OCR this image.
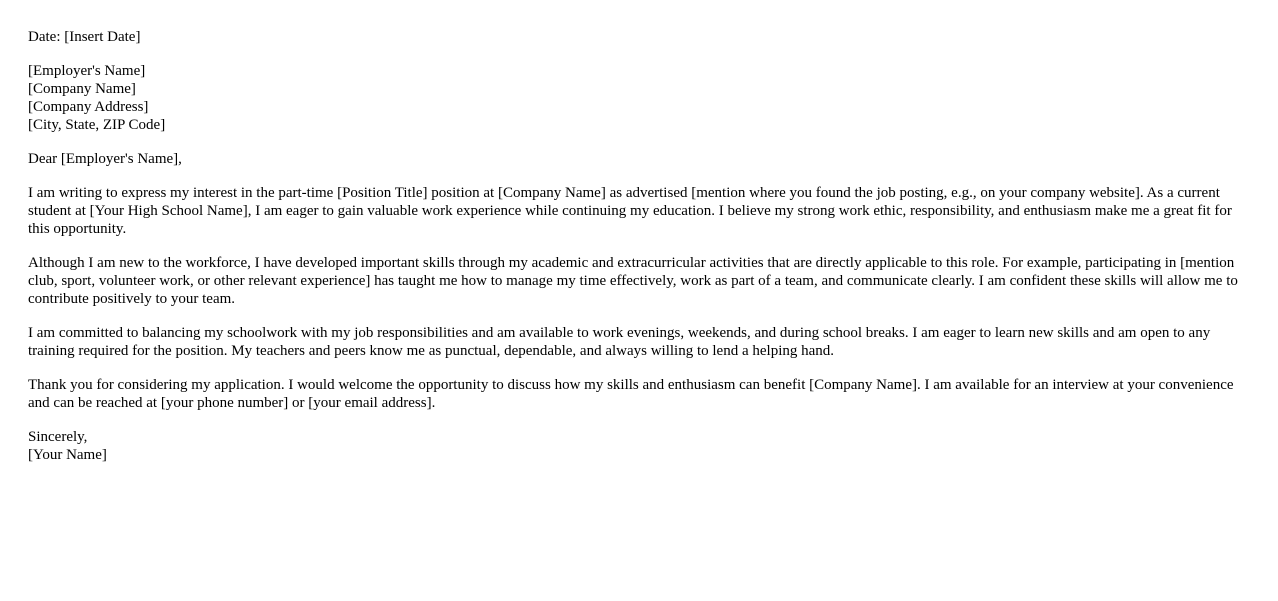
Date: [Insert Date]
[Employer's Name]
[Company Name]
[Company Address]
[City, State, ZIP Code]
Dear [Employer's Name],

I am writing to express my interest in the part-time [Position Title] position at [Company Name] as advertised [mention where you found the job posting, e.g., on your company website]. As a current student at [Your High School Name], I am eager to gain valuable work experience while continuing my education. I believe my strong work ethic, responsibility, and enthusiasm make me a great fit for this opportunity.

Although I am new to the workforce, I have developed important skills through my academic and extracurricular activities that are directly applicable to this role. For example, participating in [mention club, sport, volunteer work, or other relevant experience] has taught me how to manage my time effectively, work as part of a team, and communicate clearly. I am confident these skills will allow me to contribute positively to your team.

I am committed to balancing my schoolwork with my job responsibilities and am available to work evenings, weekends, and during school breaks. I am eager to learn new skills and am open to any training required for the position. My teachers and peers know me as punctual, dependable, and always willing to lend a helping hand.

Thank you for considering my application. I would welcome the opportunity to discuss how my skills and enthusiasm can benefit [Company Name]. I am available for an interview at your convenience and can be reached at [your phone number] or [your email address].

Sincerely,
[Your Name]
